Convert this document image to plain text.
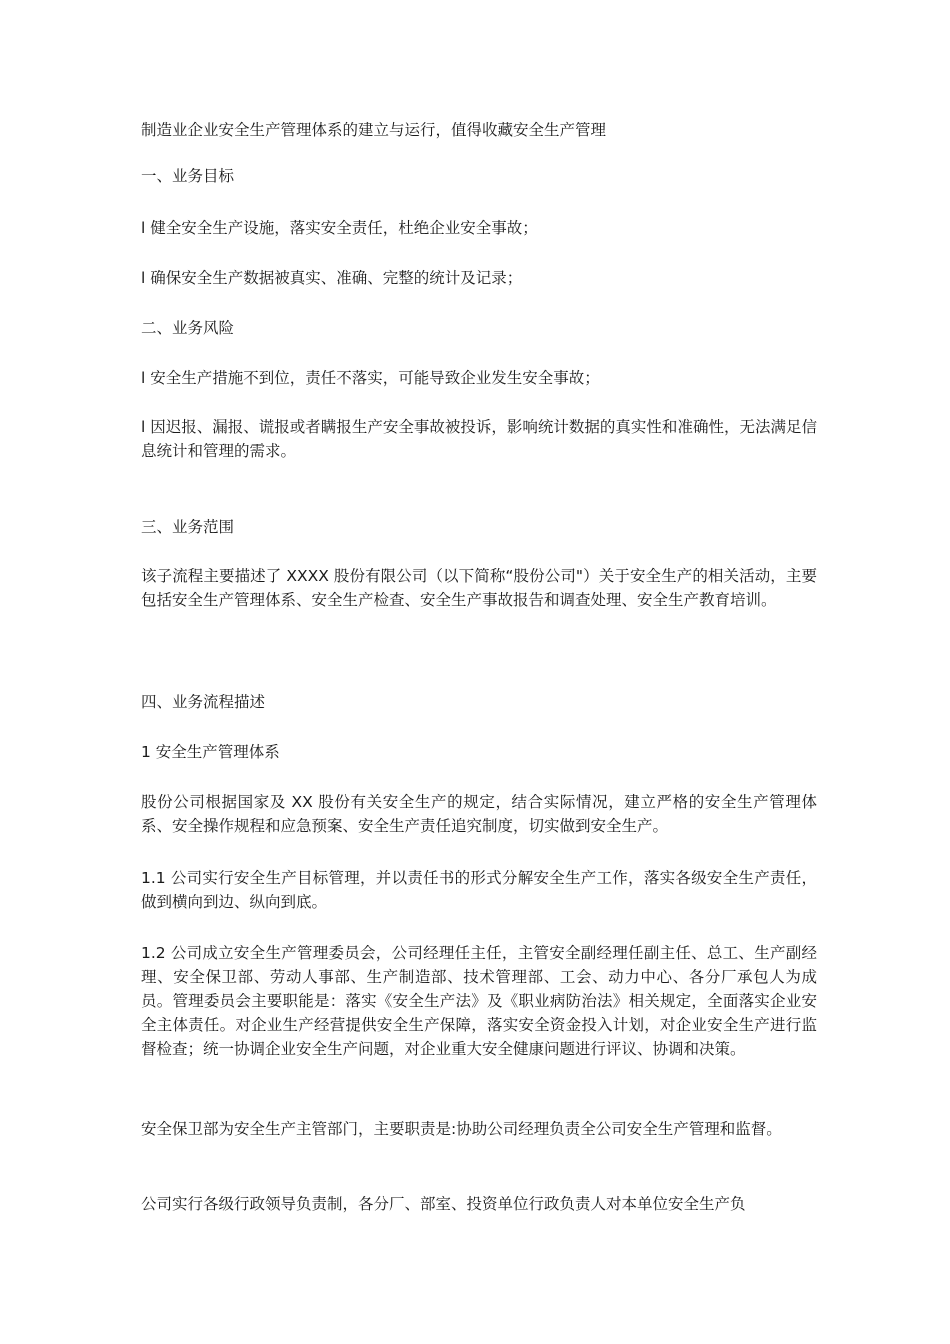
制造业企业安全生产管理体系的建立与运行，值得收藏安全生产管理

一、业务目标

l 健全安全生产设施，落实安全责任，杜绝企业安全事故；

l 确保安全生产数据被真实、准确、完整的统计及记录；

二、业务风险

l 安全生产措施不到位，责任不落实，可能导致企业发生安全事故；

l 因迟报、漏报、谎报或者瞒报生产安全事故被投诉，影响统计数据的真实性和准确性，无法满足信息统计和管理的需求。

三、业务范围

该子流程主要描述了 XXXX 股份有限公司（以下简称“股份公司"）关于安全生产的相关活动，主要包括安全生产管理体系、安全生产检查、安全生产事故报告和调查处理、安全生产教育培训。

四、业务流程描述

1 安全生产管理体系

股份公司根据国家及 XX 股份有关安全生产的规定，结合实际情况，建立严格的安全生产管理体系、安全操作规程和应急预案、安全生产责任追究制度，切实做到安全生产。

1.1 公司实行安全生产目标管理，并以责任书的形式分解安全生产工作，落实各级安全生产责任，做到横向到边、纵向到底。

1.2 公司成立安全生产管理委员会，公司经理任主任，主管安全副经理任副主任、总工、生产副经理、安全保卫部、劳动人事部、生产制造部、技术管理部、工会、动力中心、各分厂承包人为成员。管理委员会主要职能是：落实《安全生产法》及《职业病防治法》相关规定，全面落实企业安全主体责任。对企业生产经营提供安全生产保障，落实安全资金投入计划，对企业安全生产进行监督检查；统一协调企业安全生产问题，对企业重大安全健康问题进行评议、协调和决策。

安全保卫部为安全生产主管部门，主要职责是:协助公司经理负责全公司安全生产管理和监督。

公司实行各级行政领导负责制，各分厂、部室、投资单位行政负责人对本单位安全生产负
